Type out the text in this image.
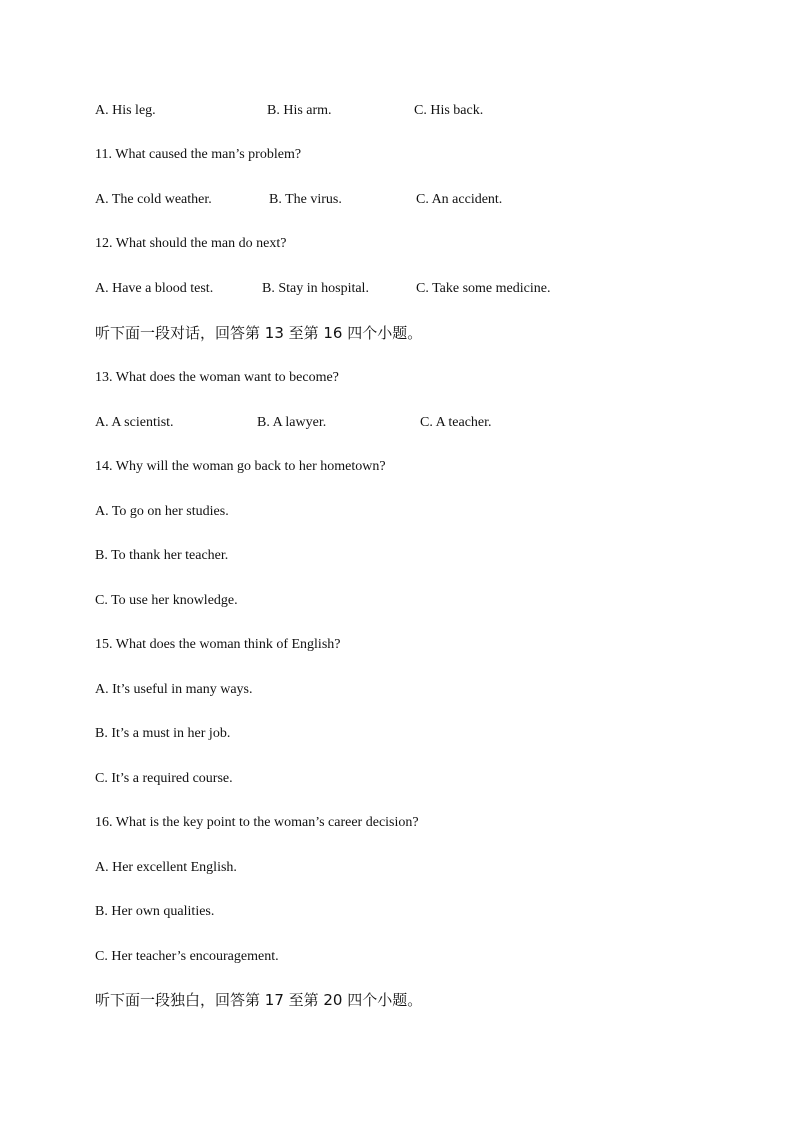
A. His leg.	B. His arm.	C. His back.
11. What caused the man’s problem?
A. The cold weather.	B. The virus.	C. An accident.
12. What should the man do next?
A. Have a blood test.	B. Stay in hospital.	C. Take some medicine.
听下面一段对话，回答第 13 至第 16 四个小题。
13. What does the woman want to become?
A. A scientist.	B. A lawyer.	C. A teacher.
14. Why will the woman go back to her hometown?
A. To go on her studies.
B. To thank her teacher.
C. To use her knowledge.
15. What does the woman think of English?
A. It’s useful in many ways.
B. It’s a must in her job.
C. It’s a required course.
16. What is the key point to the woman’s career decision?
A. Her excellent English.
B. Her own qualities.
C. Her teacher’s encouragement.
听下面一段独白，回答第 17 至第 20 四个小题。
